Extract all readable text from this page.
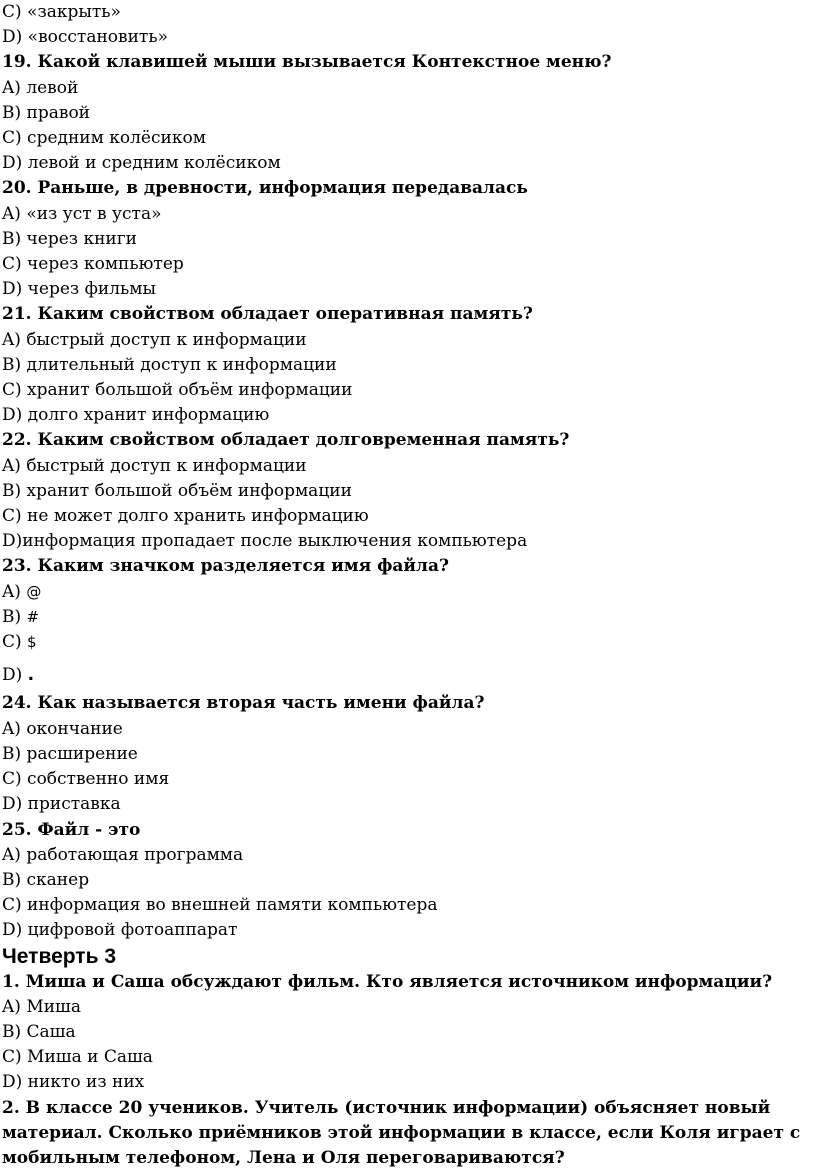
C) «закрыть»
D) «восстановить»
19. Какой клавишей мыши вызывается Контекстное меню?
A) левой
B) правой
C) средним колёсиком
D) левой и средним колёсиком
20. Раньше, в древности, информация передавалась
A) «из уст в уста»
B) через книги
C) через компьютер
D) через фильмы
21. Каким свойством обладает оперативная память?
A) быстрый доступ к информации
B) длительный доступ к информации
C) хранит большой объём информации
D) долго хранит информацию
22. Каким свойством обладает долговременная память?
A) быстрый доступ к информации
B) хранит большой объём информации
C) не может долго хранить информацию
D)информация пропадает после выключения компьютера
23. Каким значком разделяется имя файла?
A) @
B) #
C) $
D) .
24. Как называется вторая часть имени файла?
A) окончание
B) расширение
C) собственно имя
D) приставка
25. Файл - это
A) работающая программа
B) сканер
C) информация во внешней памяти компьютера
D) цифровой фотоаппарат
Четверть 3
1. Миша и Саша обсуждают фильм. Кто является источником информации?
A) Миша
B) Саша
C) Миша и Саша
D) никто из них
2. В классе 20 учеников. Учитель (источник информации) объясняет новый материал. Сколько приёмников этой информации в классе, если Коля играет с мобильным телефоном, Лена и Оля переговариваются?
